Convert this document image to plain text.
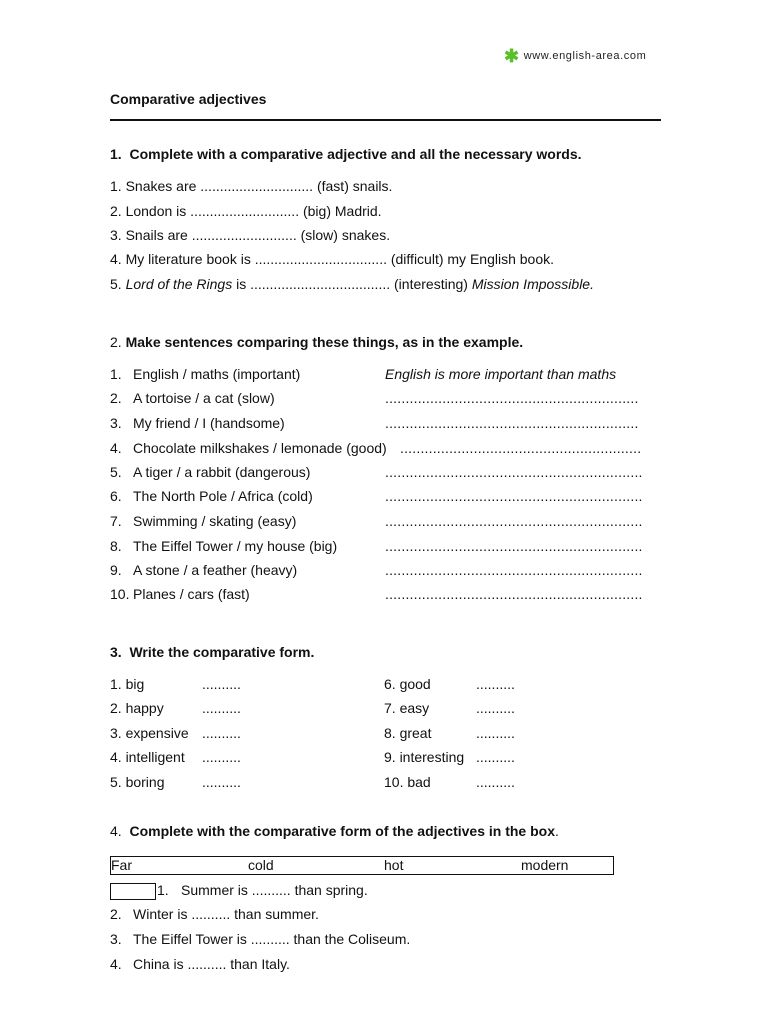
✱ www.english-area.com
Comparative adjectives
1. Complete with a comparative adjective and all the necessary words.
1. Snakes are ............................. (fast) snails.
2. London is ............................ (big) Madrid.
3. Snails are ........................... (slow) snakes.
4. My literature book is .................................. (difficult) my English book.
5. Lord of the Rings is .................................... (interesting) Mission Impossible.
2. Make sentences comparing these things, as in the example.
1. English / maths (important)	English is more important than maths
2. A tortoise / a cat (slow)	..............................................................
3. My friend / I (handsome)	..............................................................
4. Chocolate milkshakes / lemonade (good) ...........................................................
5. A tiger / a rabbit (dangerous)	...............................................................
6. The North Pole / Africa (cold)	...............................................................
7. Swimming / skating (easy)	...............................................................
8. The Eiffel Tower / my house (big)	...............................................................
9. A stone / a feather (heavy)	...............................................................
10. Planes / cars (fast)	...............................................................
3. Write the comparative form.
1. big	..........
2. happy	..........
3. expensive ..........
4. intelligent ..........
5. boring	..........
6. good	..........
7. easy	..........
8. great	..........
9. interesting ..........
10. bad	..........
4. Complete with the comparative form of the adjectives in the box.
Far	cold	hot	modern
1. Summer is .......... than spring.
2. Winter is .......... than summer.
3. The Eiffel Tower is .......... than the Coliseum.
4. China is .......... than Italy.
